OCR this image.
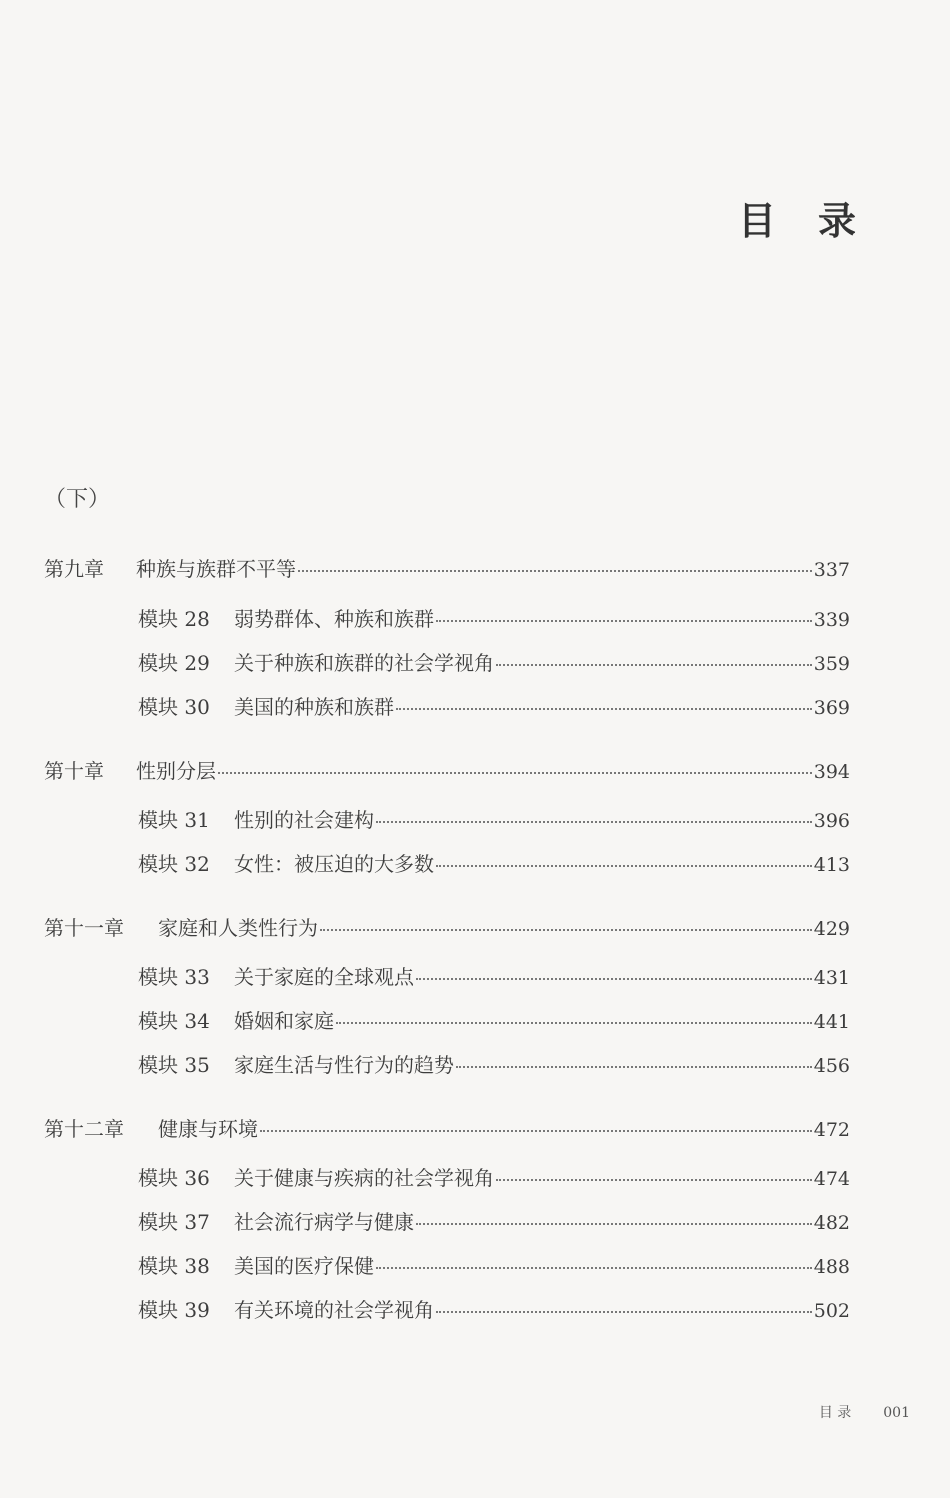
目 录
（下）
第九章	种族与族群不平等	337
模块 28	弱势群体、种族和族群	339
模块 29	关于种族和族群的社会学视角	359
模块 30	美国的种族和族群	369
第十章	性别分层	394
模块 31	性别的社会建构	396
模块 32	女性：被压迫的大多数	413
第十一章	家庭和人类性行为	429
模块 33	关于家庭的全球观点	431
模块 34	婚姻和家庭	441
模块 35	家庭生活与性行为的趋势	456
第十二章	健康与环境	472
模块 36	关于健康与疾病的社会学视角	474
模块 37	社会流行病学与健康	482
模块 38	美国的医疗保健	488
模块 39	有关环境的社会学视角	502
目 录 001
